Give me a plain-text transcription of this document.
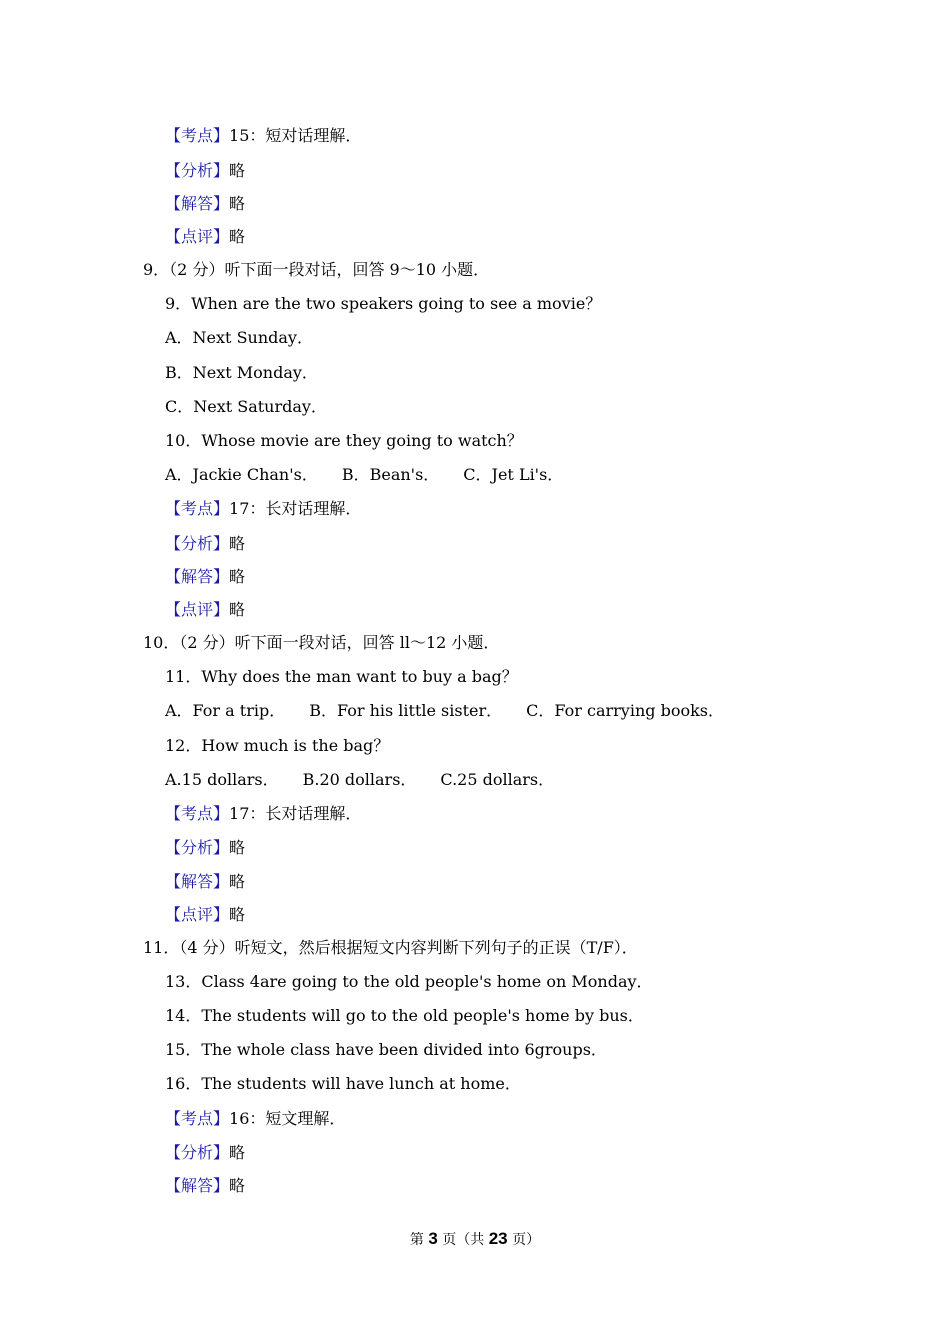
【考点】15：短对话理解．
【分析】略
【解答】略
【点评】略
9．（2 分）听下面一段对话，回答 9～10 小题．
9．When are the two speakers going to see a movie？
A．Next Sunday．
B．Next Monday．
C．Next Saturday．
10．Whose movie are they going to watch？
A．Jackie Chan's． B．Bean's． C．Jet Li's．
【考点】17：长对话理解．
【分析】略
【解答】略
【点评】略
10．（2 分）听下面一段对话，回答 ll～12 小题．
11．Why does the man want to buy a bag？
A．For a trip． B．For his little sister． C．For carrying books．
12．How much is the bag？
A.15 dollars． B.20 dollars． C.25 dollars．
【考点】17：长对话理解．
【分析】略
【解答】略
【点评】略
11．（4 分）听短文，然后根据短文内容判断下列句子的正误（T/F）．
13．Class 4are going to the old people's home on Monday．
14．The students will go to the old people's home by bus．
15．The whole class have been divided into 6groups．
16．The students will have lunch at home．
【考点】16：短文理解．
【分析】略
【解答】略
第 3 页（共 23 页）
